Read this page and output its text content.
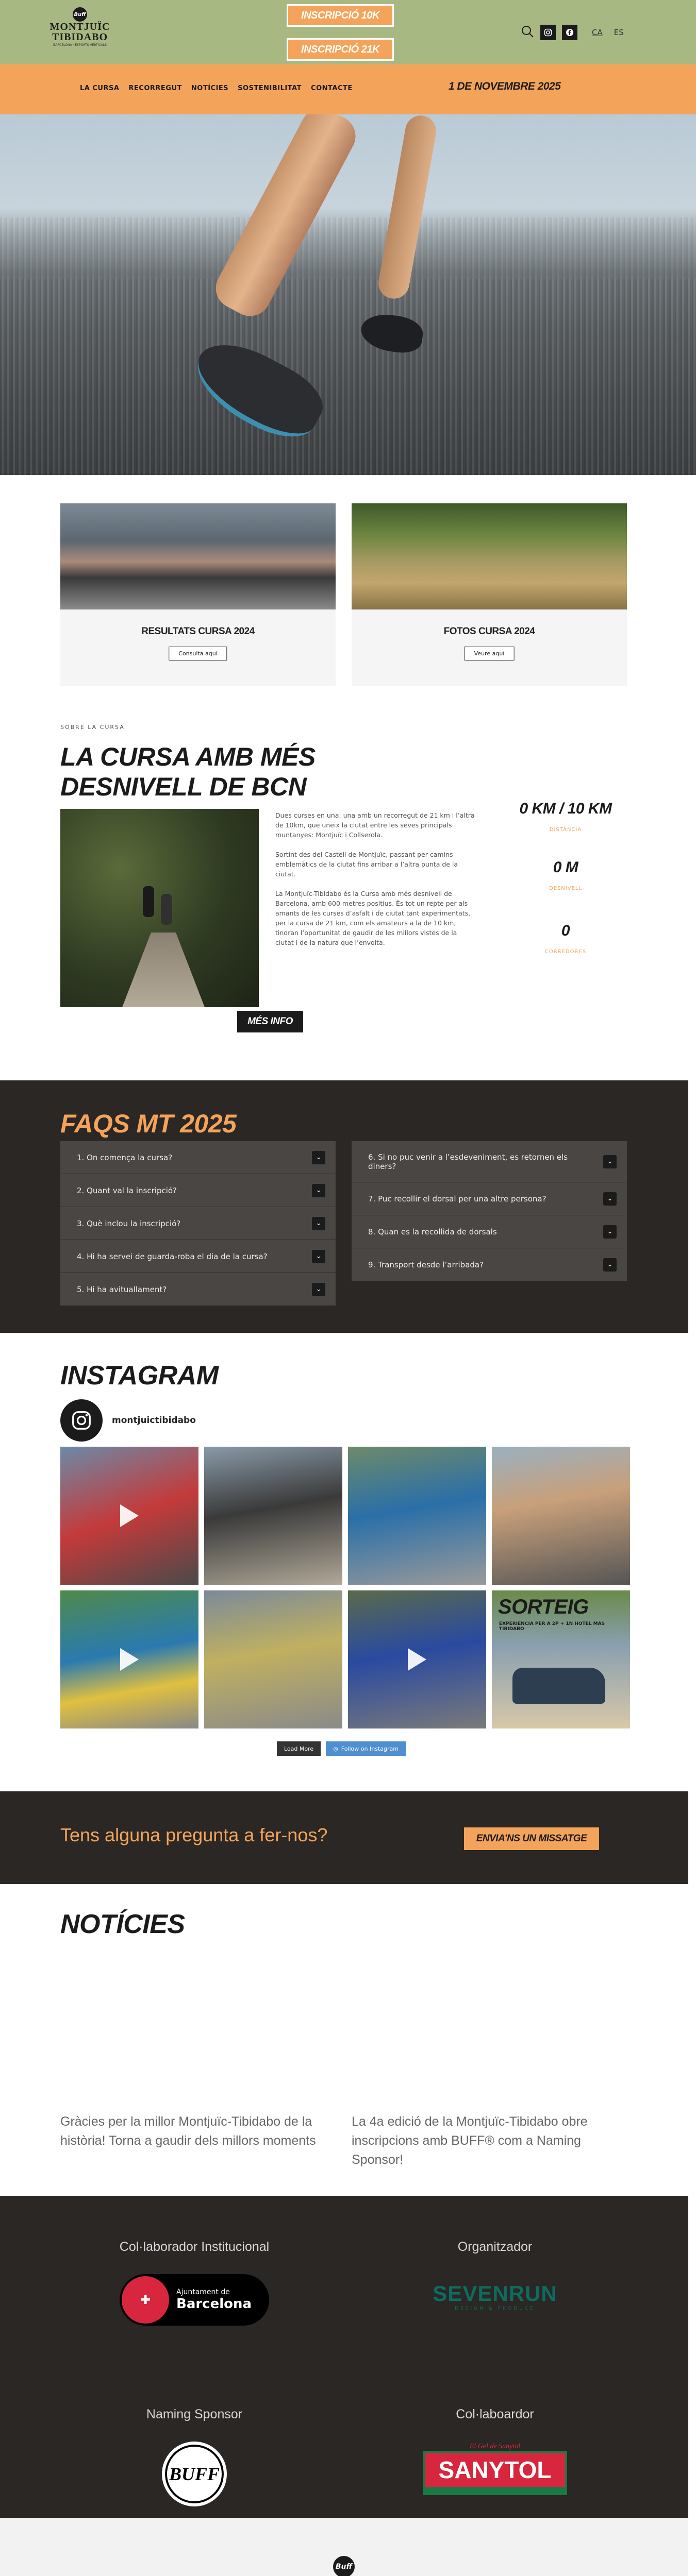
Buff
MONTJUÏC
TIBIDABO
BARCELONA · ESPORTS VERTICALS
INSCRIPCIÓ 10K
INSCRIPCIÓ 21K
CA ES
LA CURSA RECORREGUT NOTÍCIES SOSTENIBILITAT CONTACTE	1 DE NOVEMBRE 2025
RESULTATS CURSA 2024
Consulta aquí
FOTOS CURSA 2024
Veure aquí
SOBRE LA CURSA
LA CURSA AMB MÉS DESNIVELL DE BCN

Dues curses en una: una amb un recorregut de 21 km i l’altra de 10km, que uneix la ciutat entre les seves principals muntanyes: Montjuïc i Collserola.

Sortint des del Castell de Montjuïc, passant per camins emblemàtics de la ciutat fins arribar a l’altra punta de la ciutat.

La Montjuïc-Tibidabo és la Cursa amb més desnivell de Barcelona, amb 600 metres positius. Ës tot un repte per als amants de les curses d’asfalt i de ciutat tant experimentats, per la cursa de 21 km, com els amateurs a la de 10 km, tindran l’oportunitat de gaudir de les millors vistes de la ciutat i de la natura que l’envolta.

MÉS INFO
0 KM / 10 KM
DISTÀNCIA
0 M
DESNIVELL
0
CORREDORES
FAQS MT 2025
1. On comença la cursa?	⌄
2. Quant val la inscripció?	⌄
3. Què inclou la inscripció?	⌄
4. Hi ha servei de guarda-roba el dia de la cursa?	⌄
5. Hi ha avituallament?	⌄
6. Si no puc venir a l’esdeveniment, es retornen els diners?	⌄
7. Puc recollir el dorsal per una altre persona?	⌄
8. Quan es la recollida de dorsals	⌄
9. Transport desde l’arribada?	⌄
INSTAGRAM
montjuictibidabo
SORTEIG
EXPERIENCIA PER A 2P + 1N HOTEL MAS TIBIDABO
Load More	◎ Follow on Instagram
Tens alguna pregunta a fer-nos?	ENVIA’NS UN MISSATGE
NOTÍCIES
Gràcies per la millor Montjuïc-Tibidabo de la història! Torna a gaudir dels millors moments
La 4a edició de la Montjuïc-Tibidabo obre inscripcions amb BUFF® com a Naming Sponsor!
Col·laborador Institucional
✚
Ajuntament de
Barcelona
Organitzador
SEVENRUN
DESIGN & PRODUCE
Naming Sponsor
BUFF
Col·laboardor
El Gel de Sanytol
SANYTOL
Buff
